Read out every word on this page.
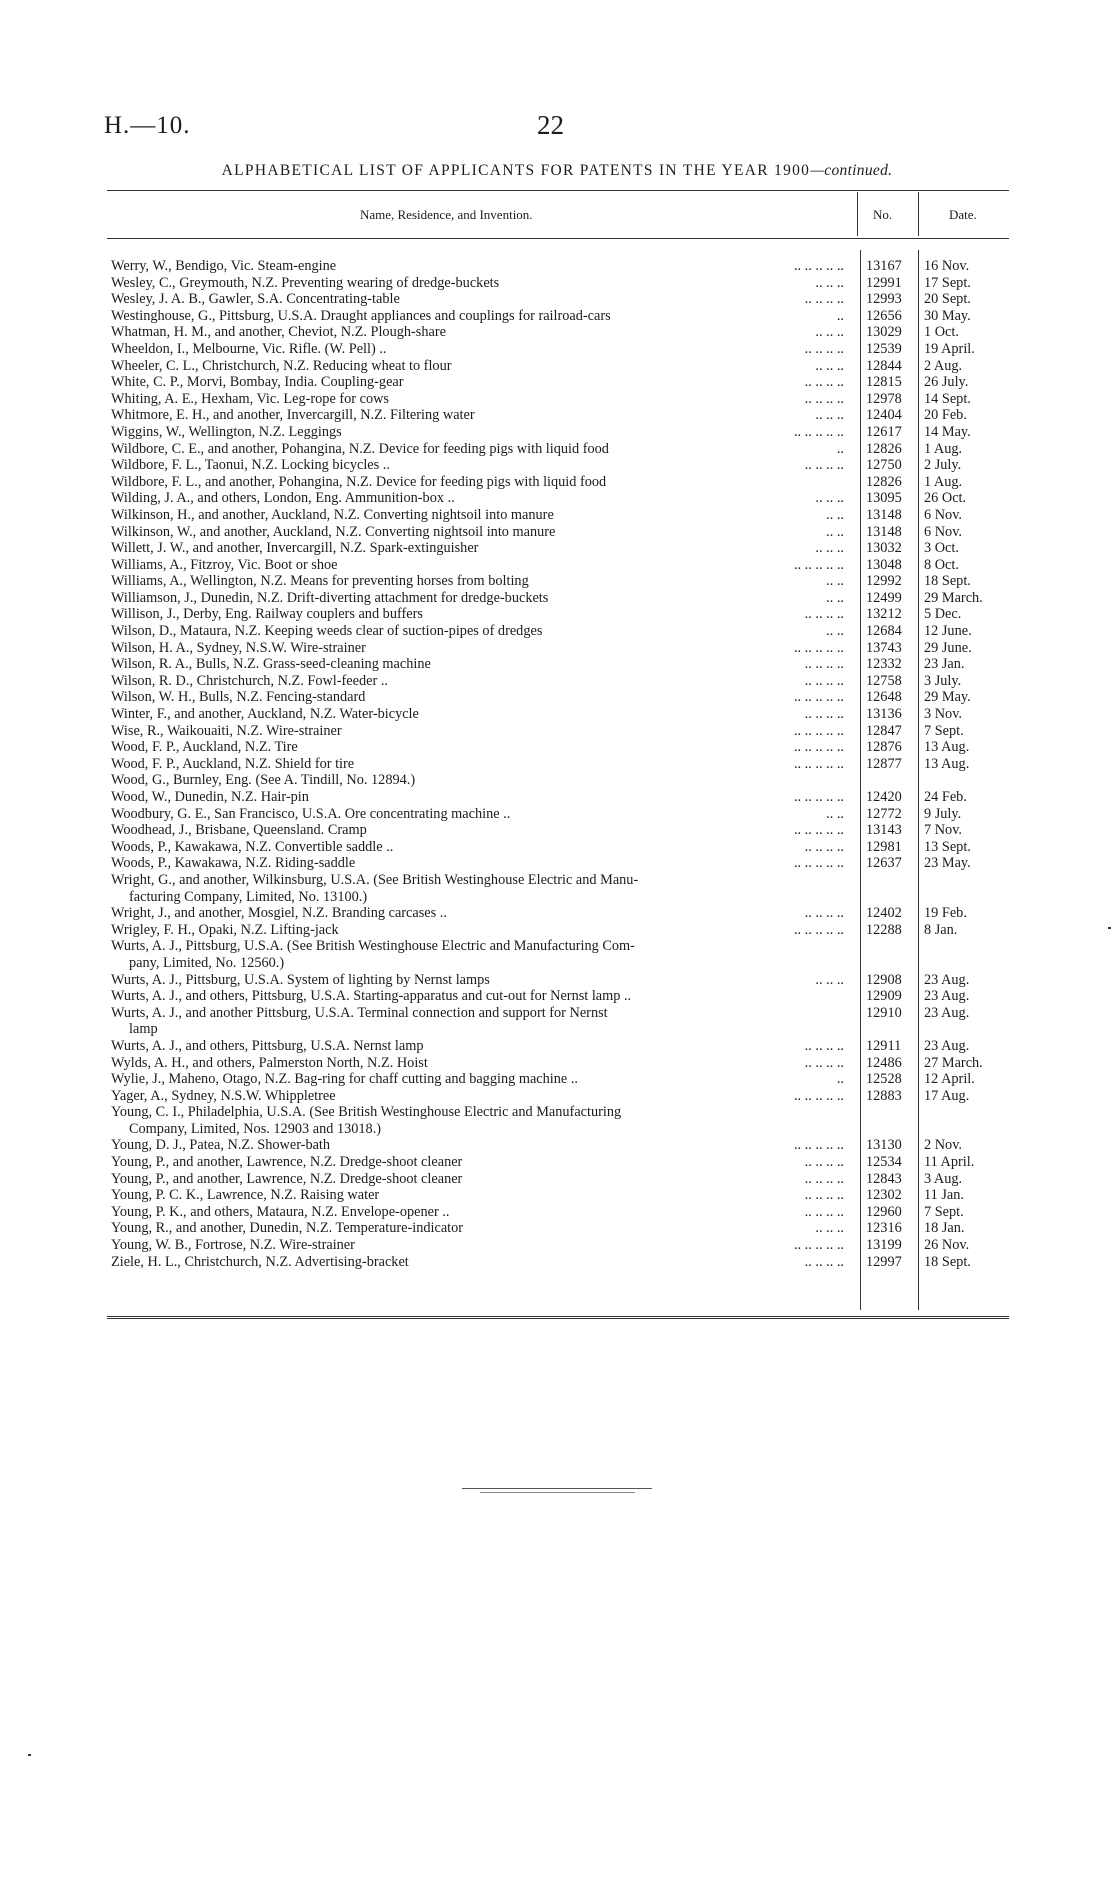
H.—10.	22
ALPHABETICAL LIST OF APPLICANTS FOR PATENTS IN THE YEAR 1900—continued.
Name, Residence, and Invention.	No.	Date.
Werry, W., Bendigo, Vic. Steam-engine	.. .. .. .. .. 13167	16 Nov.
Wesley, C., Greymouth, N.Z. Preventing wearing of dredge-buckets	.. .. .. 12991	17 Sept.
Wesley, J. A. B., Gawler, S.A. Concentrating-table	.. .. .. .. 12993	20 Sept.
Westinghouse, G., Pittsburg, U.S.A. Draught appliances and couplings for railroad-cars	.. 12656	30 May.
Whatman, H. M., and another, Cheviot, N.Z. Plough-share	.. .. .. 13029	1 Oct.
Wheeldon, I., Melbourne, Vic. Rifle. (W. Pell) ..	.. .. .. .. 12539	19 April.
Wheeler, C. L., Christchurch, N.Z. Reducing wheat to flour	.. .. .. 12844	2 Aug.
White, C. P., Morvi, Bombay, India. Coupling-gear	.. .. .. .. 12815	26 July.
Whiting, A. E., Hexham, Vic. Leg-rope for cows	.. .. .. .. 12978	14 Sept.
Whitmore, E. H., and another, Invercargill, N.Z. Filtering water	.. .. .. 12404	20 Feb.
Wiggins, W., Wellington, N.Z. Leggings	.. .. .. .. .. 12617	14 May.
Wildbore, C. E., and another, Pohangina, N.Z. Device for feeding pigs with liquid food	.. 12826	1 Aug.
Wildbore, F. L., Taonui, N.Z. Locking bicycles ..	.. .. .. .. 12750	2 July.
Wildbore, F. L., and another, Pohangina, N.Z. Device for feeding pigs with liquid food	12826	1 Aug.
Wilding, J. A., and others, London, Eng. Ammunition-box ..	.. .. .. 13095	26 Oct.
Wilkinson, H., and another, Auckland, N.Z. Converting nightsoil into manure	.. .. 13148	6 Nov.
Wilkinson, W., and another, Auckland, N.Z. Converting nightsoil into manure	.. .. 13148	6 Nov.
Willett, J. W., and another, Invercargill, N.Z. Spark-extinguisher	.. .. .. 13032	3 Oct.
Williams, A., Fitzroy, Vic. Boot or shoe	.. .. .. .. .. 13048	8 Oct.
Williams, A., Wellington, N.Z. Means for preventing horses from bolting	.. .. 12992	18 Sept.
Williamson, J., Dunedin, N.Z. Drift-diverting attachment for dredge-buckets	.. .. 12499	29 March.
Willison, J., Derby, Eng. Railway couplers and buffers	.. .. .. .. 13212	5 Dec.
Wilson, D., Mataura, N.Z. Keeping weeds clear of suction-pipes of dredges	.. .. 12684	12 June.
Wilson, H. A., Sydney, N.S.W. Wire-strainer	.. .. .. .. .. 13743	29 June.
Wilson, R. A., Bulls, N.Z. Grass-seed-cleaning machine	.. .. .. .. 12332	23 Jan.
Wilson, R. D., Christchurch, N.Z. Fowl-feeder ..	.. .. .. .. 12758	3 July.
Wilson, W. H., Bulls, N.Z. Fencing-standard	.. .. .. .. .. 12648	29 May.
Winter, F., and another, Auckland, N.Z. Water-bicycle	.. .. .. .. 13136	3 Nov.
Wise, R., Waikouaiti, N.Z. Wire-strainer	.. .. .. .. .. 12847	7 Sept.
Wood, F. P., Auckland, N.Z. Tire	.. .. .. .. .. 12876	13 Aug.
Wood, F. P., Auckland, N.Z. Shield for tire	.. .. .. .. .. 12877	13 Aug.
Wood, G., Burnley, Eng. (See A. Tindill, No. 12894.)
Wood, W., Dunedin, N.Z. Hair-pin	.. .. .. .. .. 12420	24 Feb.
Woodbury, G. E., San Francisco, U.S.A. Ore concentrating machine ..	.. .. 12772	9 July.
Woodhead, J., Brisbane, Queensland. Cramp	.. .. .. .. .. 13143	7 Nov.
Woods, P., Kawakawa, N.Z. Convertible saddle ..	.. .. .. .. 12981	13 Sept.
Woods, P., Kawakawa, N.Z. Riding-saddle	.. .. .. .. .. 12637	23 May.
Wright, G., and another, Wilkinsburg, U.S.A. (See British Westinghouse Electric and Manu-
facturing Company, Limited, No. 13100.)
Wright, J., and another, Mosgiel, N.Z. Branding carcases ..	.. .. .. .. 12402	19 Feb.
Wrigley, F. H., Opaki, N.Z. Lifting-jack	.. .. .. .. .. 12288	8 Jan.
Wurts, A. J., Pittsburg, U.S.A. (See British Westinghouse Electric and Manufacturing Com-
pany, Limited, No. 12560.)
Wurts, A. J., Pittsburg, U.S.A. System of lighting by Nernst lamps	.. .. .. 12908	23 Aug.
Wurts, A. J., and others, Pittsburg, U.S.A. Starting-apparatus and cut-out for Nernst lamp ..	12909	23 Aug.
Wurts, A. J., and another Pittsburg, U.S.A. Terminal connection and support for Nernst	12910	23 Aug.
lamp
Wurts, A. J., and others, Pittsburg, U.S.A. Nernst lamp	.. .. .. .. 12911	23 Aug.
Wylds, A. H., and others, Palmerston North, N.Z. Hoist	.. .. .. .. 12486	27 March.
Wylie, J., Maheno, Otago, N.Z. Bag-ring for chaff cutting and bagging machine ..	.. 12528	12 April.
Yager, A., Sydney, N.S.W. Whippletree	.. .. .. .. .. 12883	17 Aug.
Young, C. I., Philadelphia, U.S.A. (See British Westinghouse Electric and Manufacturing
Company, Limited, Nos. 12903 and 13018.)
Young, D. J., Patea, N.Z. Shower-bath	.. .. .. .. .. 13130	2 Nov.
Young, P., and another, Lawrence, N.Z. Dredge-shoot cleaner	.. .. .. .. 12534	11 April.
Young, P., and another, Lawrence, N.Z. Dredge-shoot cleaner	.. .. .. .. 12843	3 Aug.
Young, P. C. K., Lawrence, N.Z. Raising water	.. .. .. .. 12302	11 Jan.
Young, P. K., and others, Mataura, N.Z. Envelope-opener ..	.. .. .. .. 12960	7 Sept.
Young, R., and another, Dunedin, N.Z. Temperature-indicator	.. .. .. 12316	18 Jan.
Young, W. B., Fortrose, N.Z. Wire-strainer	.. .. .. .. .. 13199	26 Nov.
Ziele, H. L., Christchurch, N.Z. Advertising-bracket	.. .. .. .. 12997	18 Sept.
